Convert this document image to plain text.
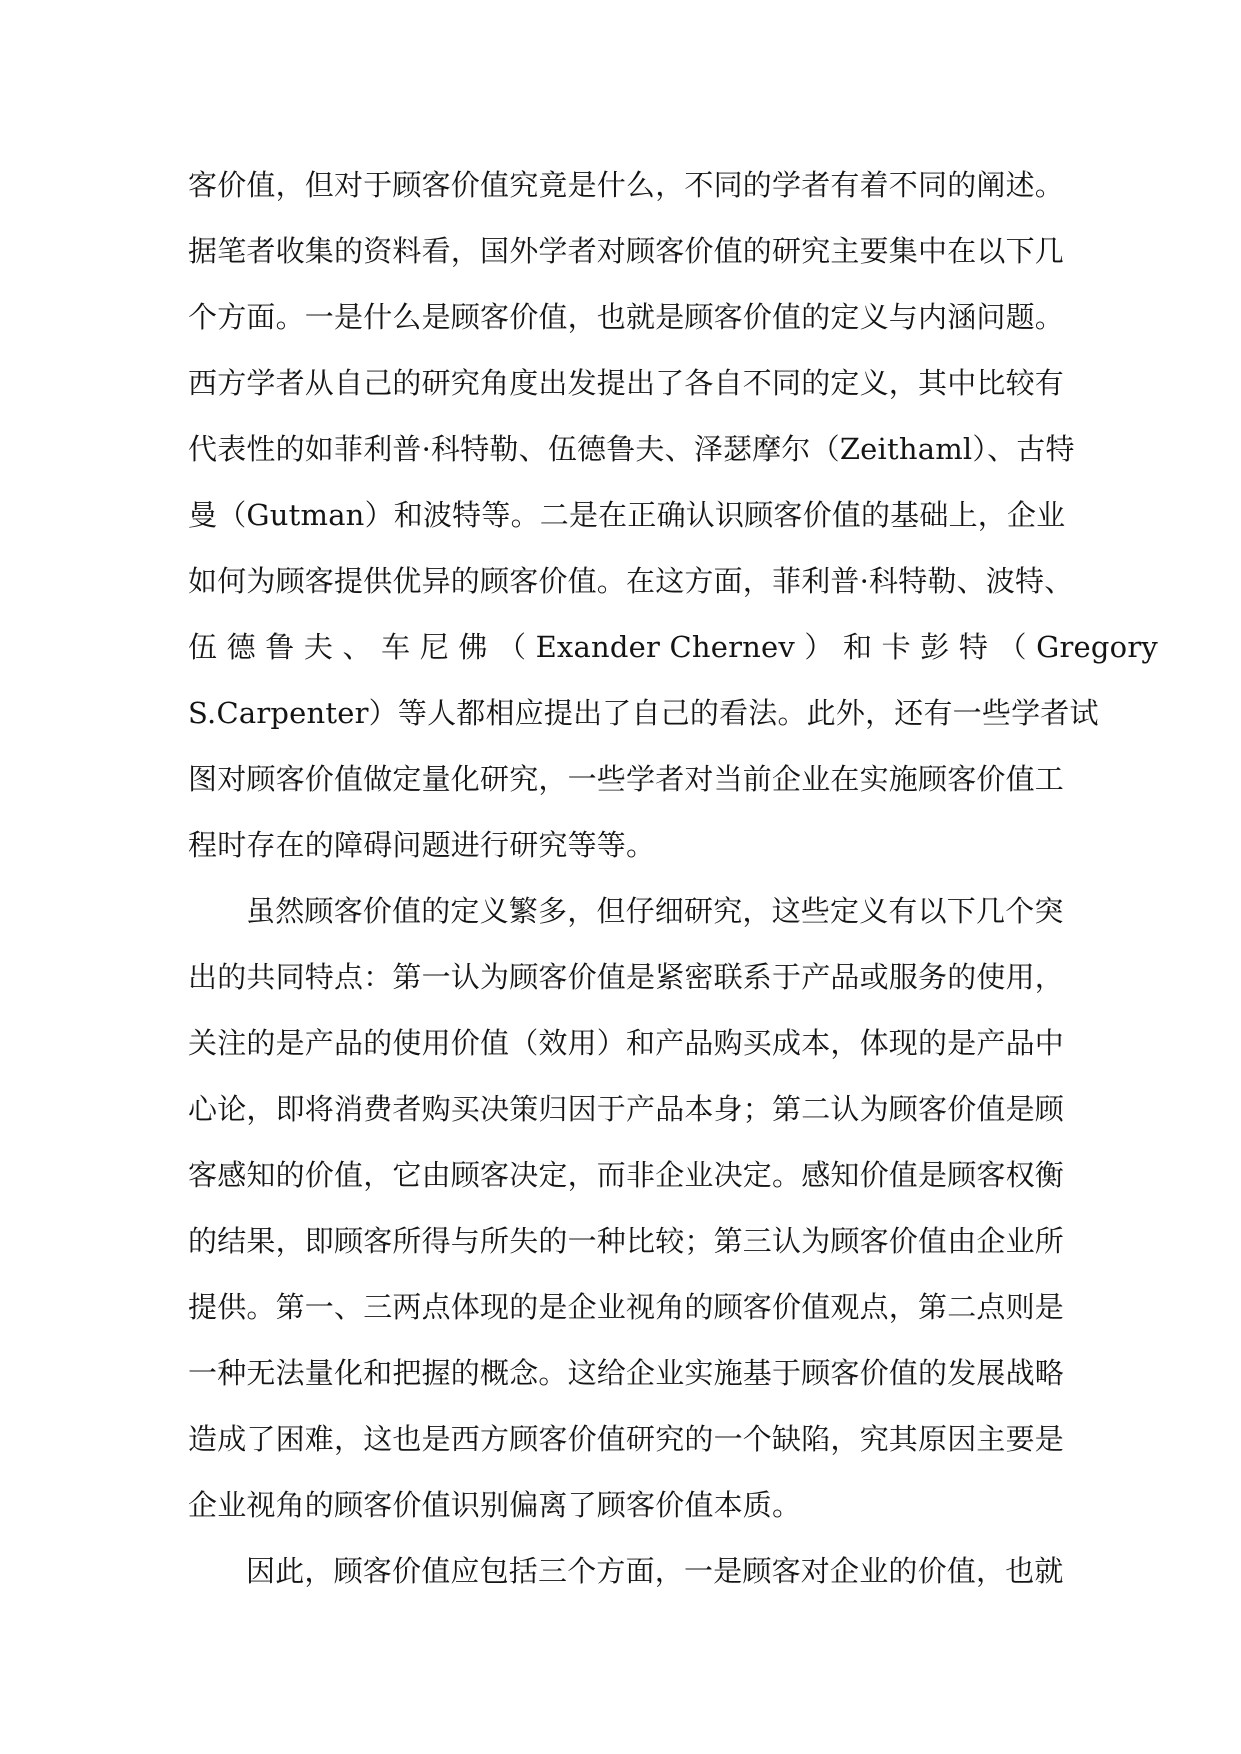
客价值，但对于顾客价值究竟是什么，不同的学者有着不同的阐述。
据笔者收集的资料看，国外学者对顾客价值的研究主要集中在以下几
个方面。一是什么是顾客价值，也就是顾客价值的定义与内涵问题。
西方学者从自己的研究角度出发提出了各自不同的定义，其中比较有
代表性的如菲利普·科特勒、伍德鲁夫、泽瑟摩尔（Zeithaml）、古特
曼（Gutman）和波特等。二是在正确认识顾客价值的基础上，企业
如何为顾客提供优异的顾客价值。在这方面，菲利普·科特勒、波特、
伍 德 鲁 夫 、 车 尼 佛 （ Exander Chernev ） 和 卡 彭 特 （ Gregory
S.Carpenter）等人都相应提出了自己的看法。此外，还有一些学者试
图对顾客价值做定量化研究，一些学者对当前企业在实施顾客价值工
程时存在的障碍问题进行研究等等。
虽然顾客价值的定义繁多，但仔细研究，这些定义有以下几个突
出的共同特点：第一认为顾客价值是紧密联系于产品或服务的使用，
关注的是产品的使用价值（效用）和产品购买成本，体现的是产品中
心论，即将消费者购买决策归因于产品本身；第二认为顾客价值是顾
客感知的价值，它由顾客决定，而非企业决定。感知价值是顾客权衡
的结果，即顾客所得与所失的一种比较；第三认为顾客价值由企业所
提供。第一、三两点体现的是企业视角的顾客价值观点，第二点则是
一种无法量化和把握的概念。这给企业实施基于顾客价值的发展战略
造成了困难，这也是西方顾客价值研究的一个缺陷，究其原因主要是
企业视角的顾客价值识别偏离了顾客价值本质。
因此，顾客价值应包括三个方面，一是顾客对企业的价值，也就
